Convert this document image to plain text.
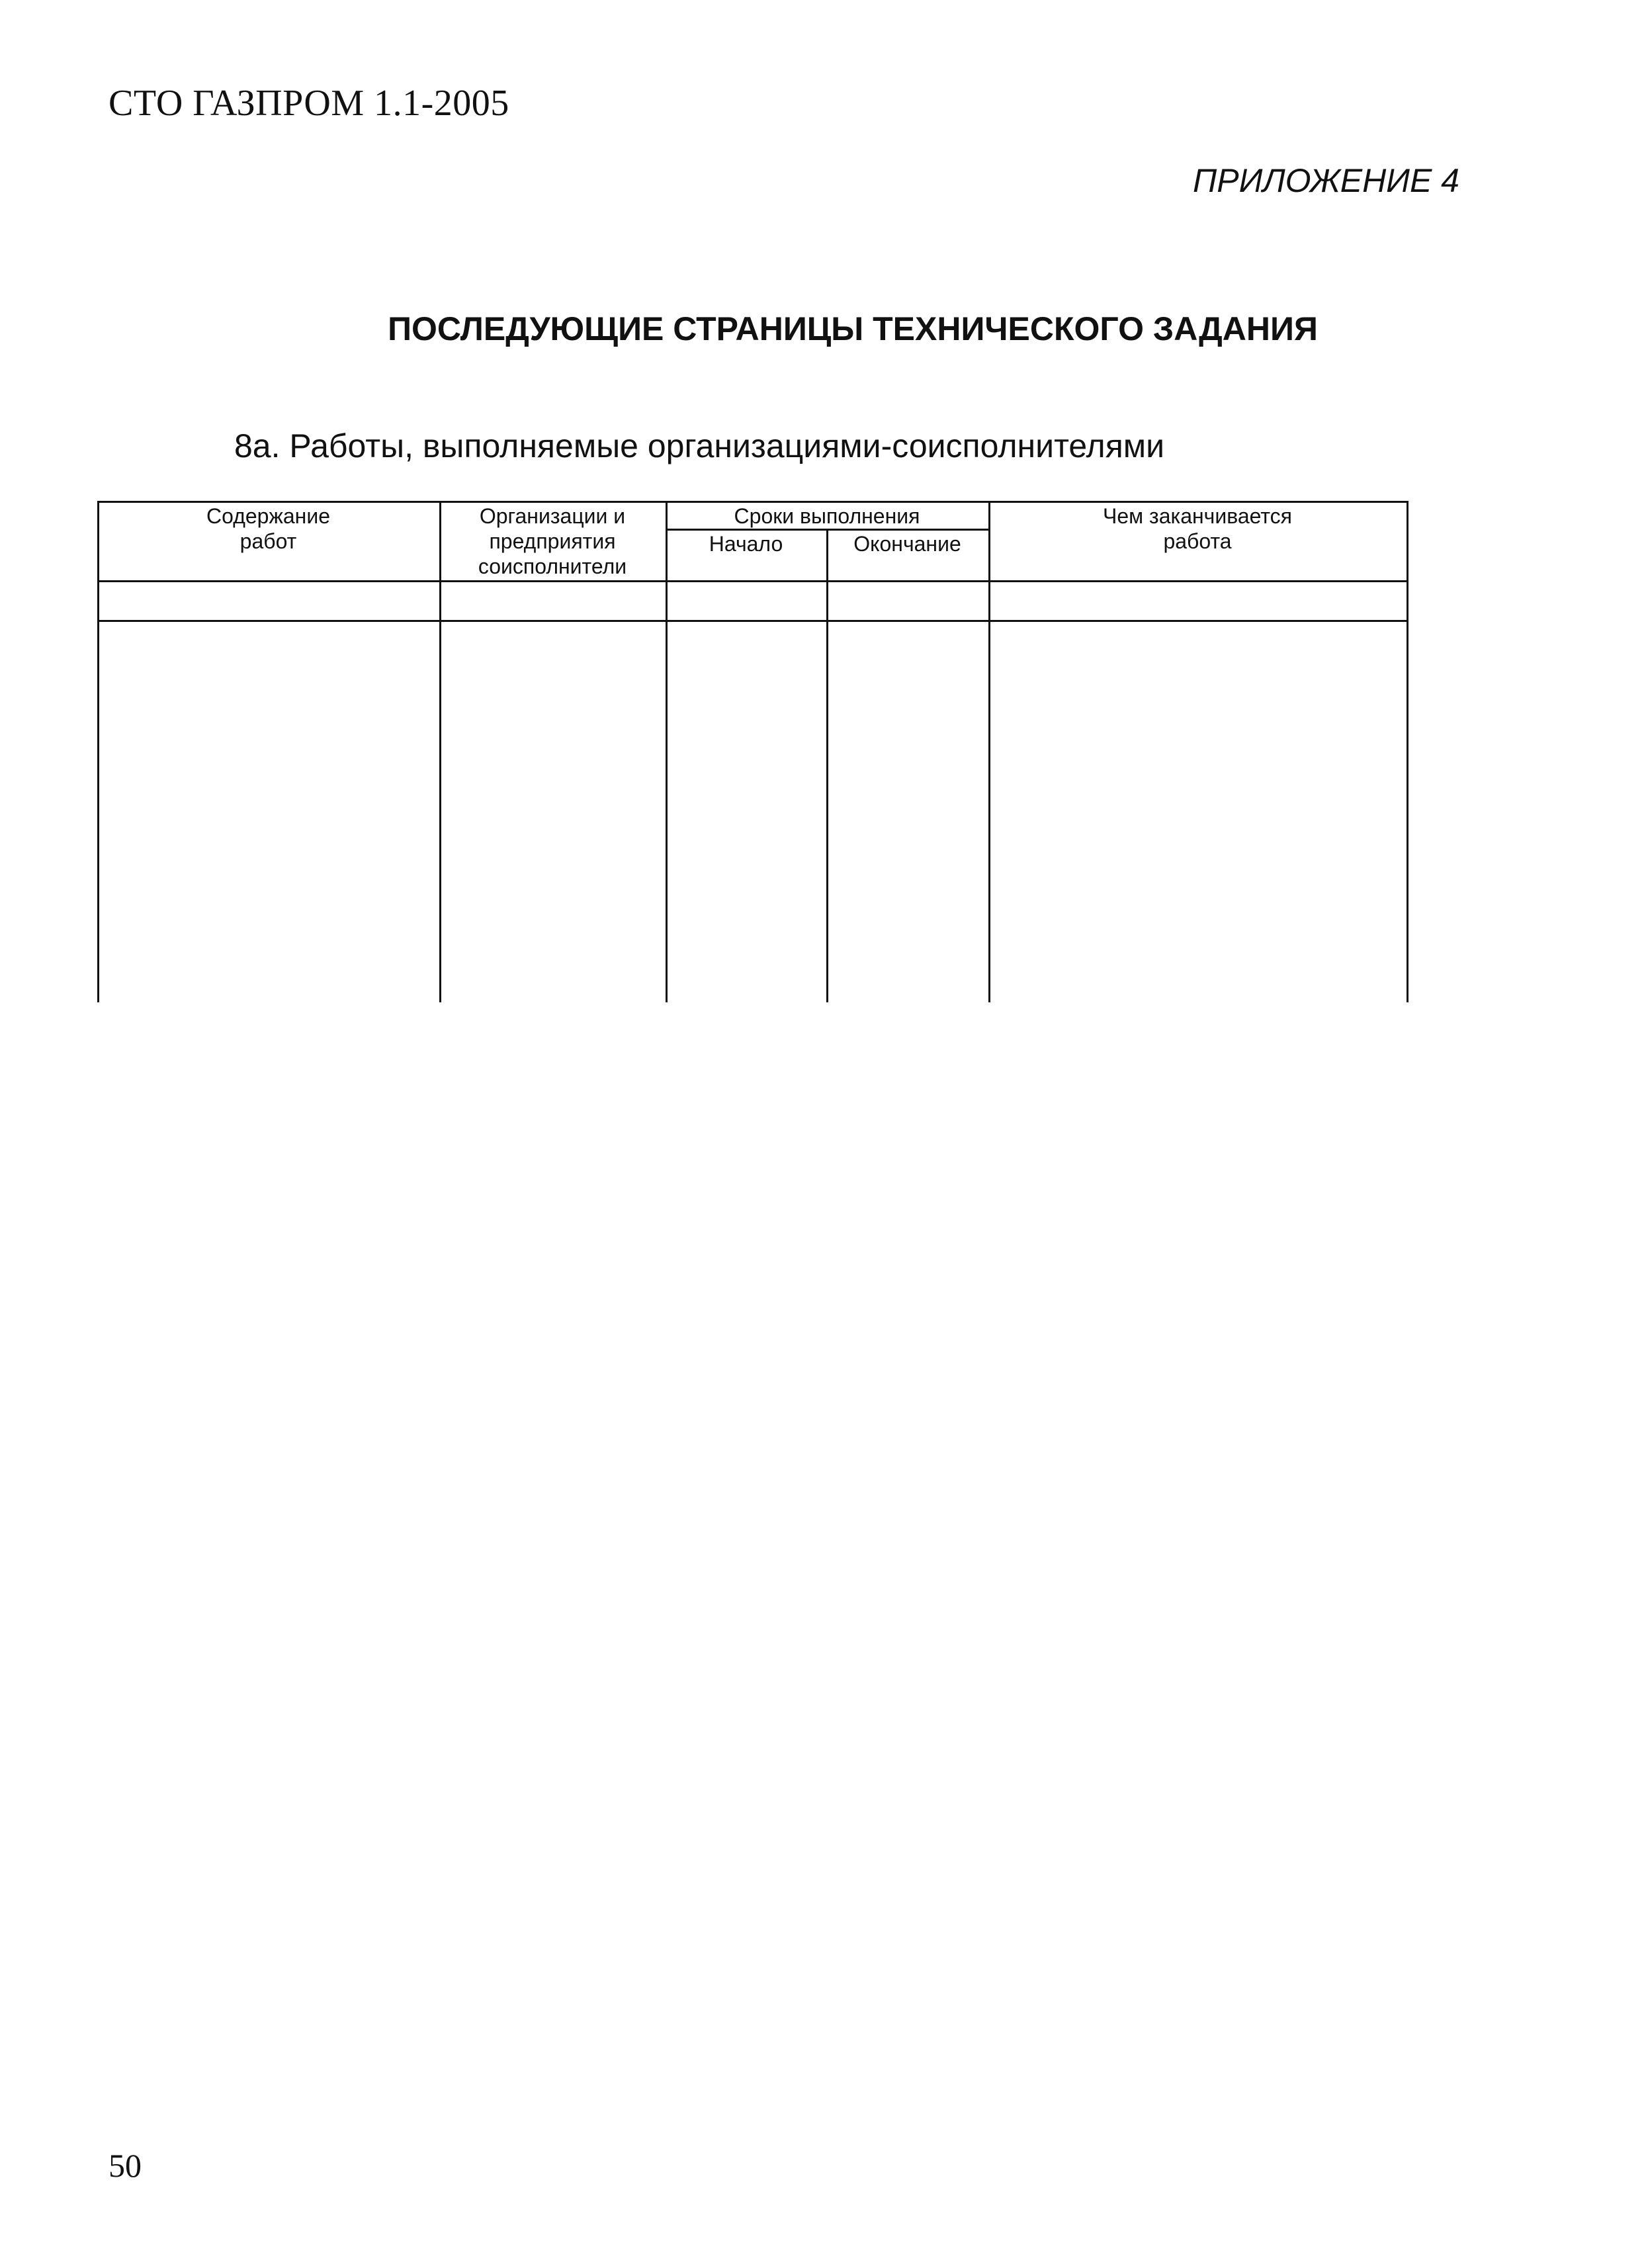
СТО ГАЗПРОМ 1.1-2005
ПРИЛОЖЕНИЕ 4
ПОСЛЕДУЮЩИЕ СТРАНИЦЫ ТЕХНИЧЕСКОГО ЗАДАНИЯ
8а. Работы, выполняемые организациями-соисполнителями
Содержание
работ
Организации и
предприятия
соисполнители
Сроки выполнения
Начало	Окончание
Чем заканчивается
работа
50
